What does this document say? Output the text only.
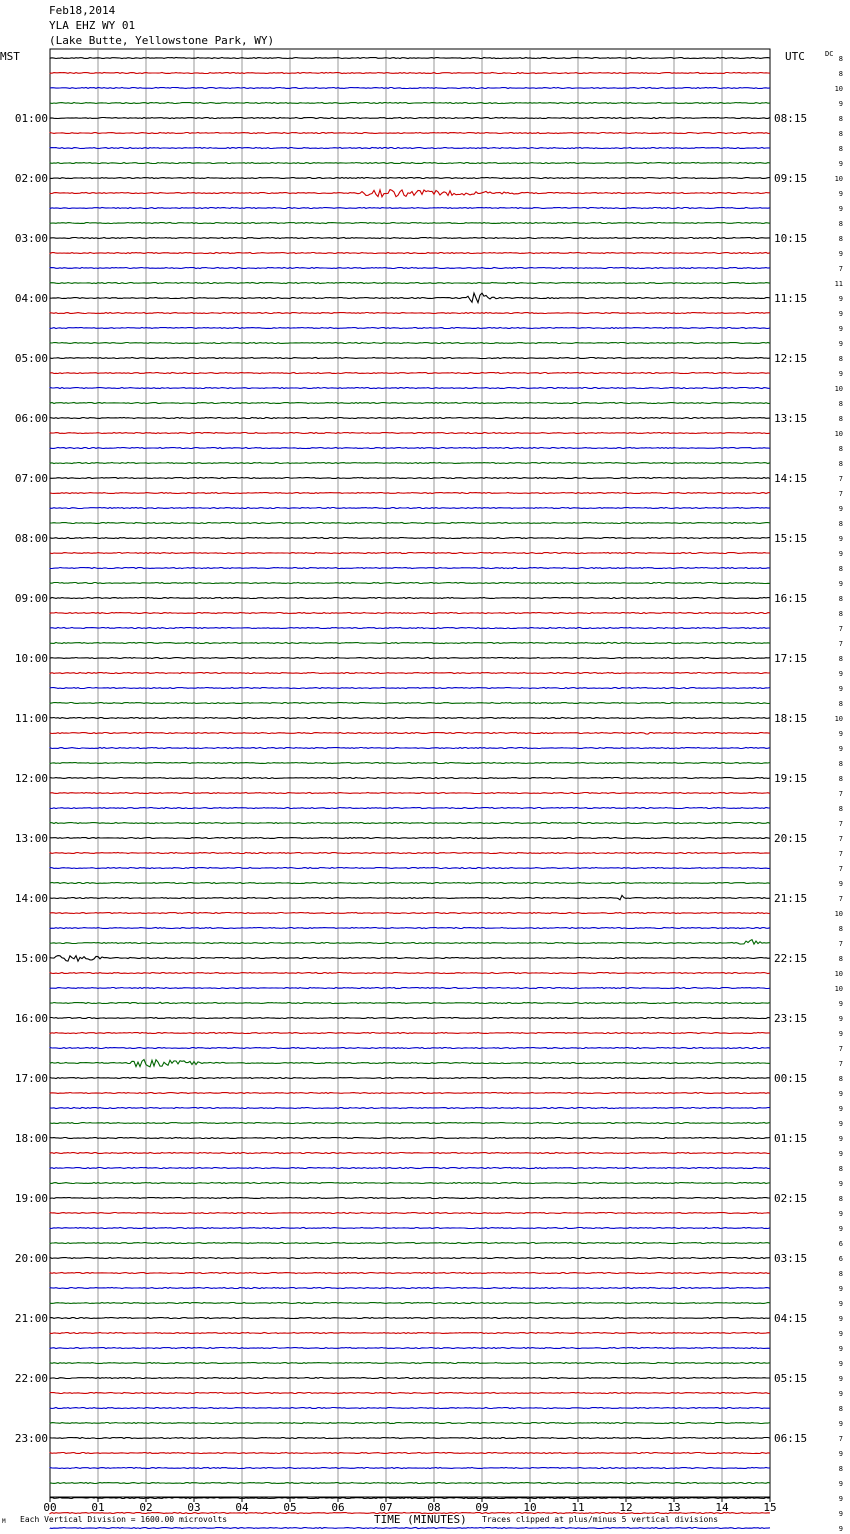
Feb18,2014
YLA EHZ WY 01
(Lake Butte, Yellowstone Park, WY)
8
8
10
9
8
8
8
9
10
9
9
8
8
9
7
11
9
9
9
9
8
9
10
8
8
10
8
8
7
7
9
8
9
9
8
9
8
8
7
7
8
9
9
8
10
9
9
8
8
7
8
7
7
7
7
9
7
10
8
7
8
10
10
9
9
9
7
7
8
9
9
9
9
9
8
9
8
9
9
6
6
8
9
9
9
9
9
9
9
9
8
9
7
9
8
9
9
9
9
01:00
02:00
03:00
04:00
05:00
06:00
07:00
08:00
09:00
10:00
11:00
12:00
13:00
14:00
15:00
16:00
17:00
18:00
19:00
20:00
21:00
22:00
23:00
08:15
09:15
10:15
11:15
12:15
13:15
14:15
15:15
16:15
17:15
18:15
19:15
20:15
21:15
22:15
23:15
00:15
01:15
02:15
03:15
04:15
05:15
06:15
MST	UTC	DC
00	01	02	03	04	05	06	07	08	09	10	11	12	13	14	15
M Each Vertical Division = 1600.00 microvolts	TIME (MINUTES) Traces clipped at plus/minus 5 vertical divisions
